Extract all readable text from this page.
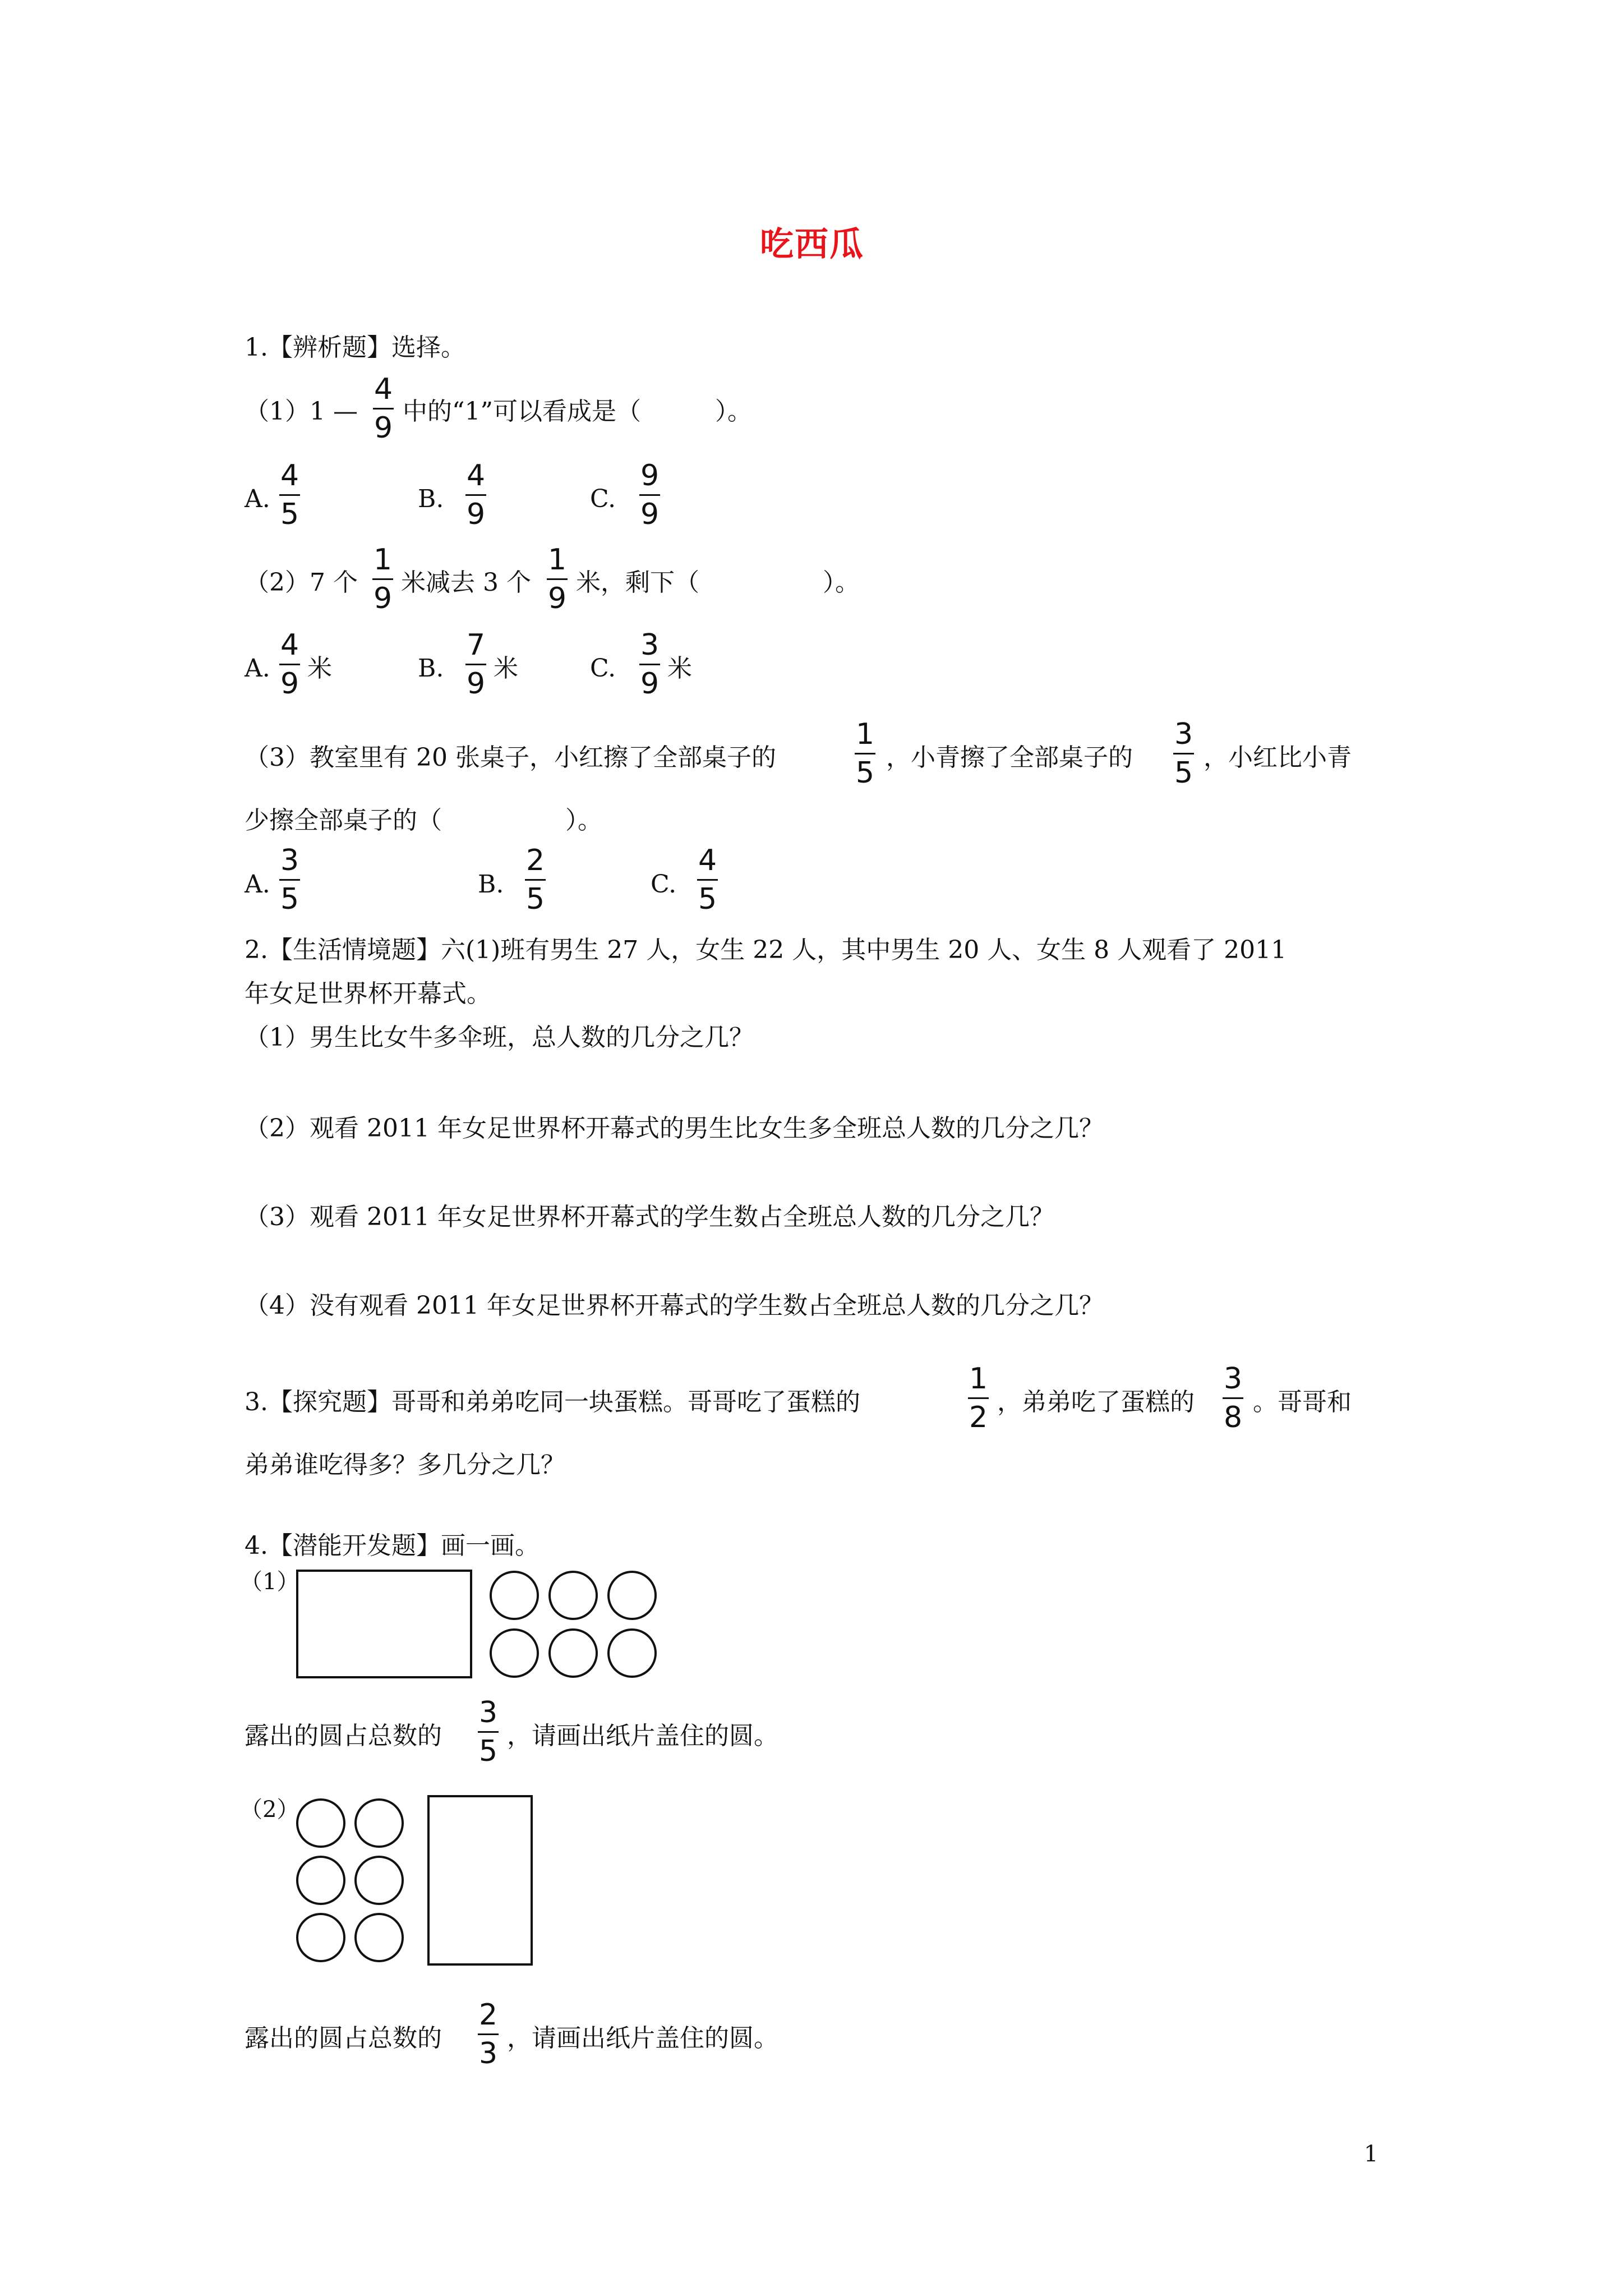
吃西瓜
1.【辨析题】选择。
（1）1 —
4
9 中的“1”可以看成是（　　　）。
A.
4
5	B.
4
9	C.
9
9
（2）7 个
1
9 米减去 3 个
1
9 米，剩下（　　　　　）。
A.
4
9 米	B.
7
9 米	C.
3
9 米
（3）教室里有 20 张桌子，小红擦了全部桌子的
1
5 ，小青擦了全部桌子的
3
5 ，小红比小青
少擦全部桌子的（　　　　　）。
A.
3
5	B.
2
5	C.
4
5
2.【生活情境题】六(1)班有男生 27 人，女生 22 人，其中男生 20 人、女生 8 人观看了 2011
年女足世界杯开幕式。
（1）男生比女牛多伞班，总人数的几分之几？
（2）观看 2011 年女足世界杯开幕式的男生比女生多全班总人数的几分之几？
（3）观看 2011 年女足世界杯开幕式的学生数占全班总人数的几分之几？
（4）没有观看 2011 年女足世界杯开幕式的学生数占全班总人数的几分之几？
3.【探究题】哥哥和弟弟吃同一块蛋糕。哥哥吃了蛋糕的
1
2 ，弟弟吃了蛋糕的
3
8 。哥哥和
弟弟谁吃得多？多几分之几？
4.【潜能开发题】画一画。
（1）
露出的圆占总数的
3
5 ，请画出纸片盖住的圆。
（2）
露出的圆占总数的
2
3 ，请画出纸片盖住的圆。
1
